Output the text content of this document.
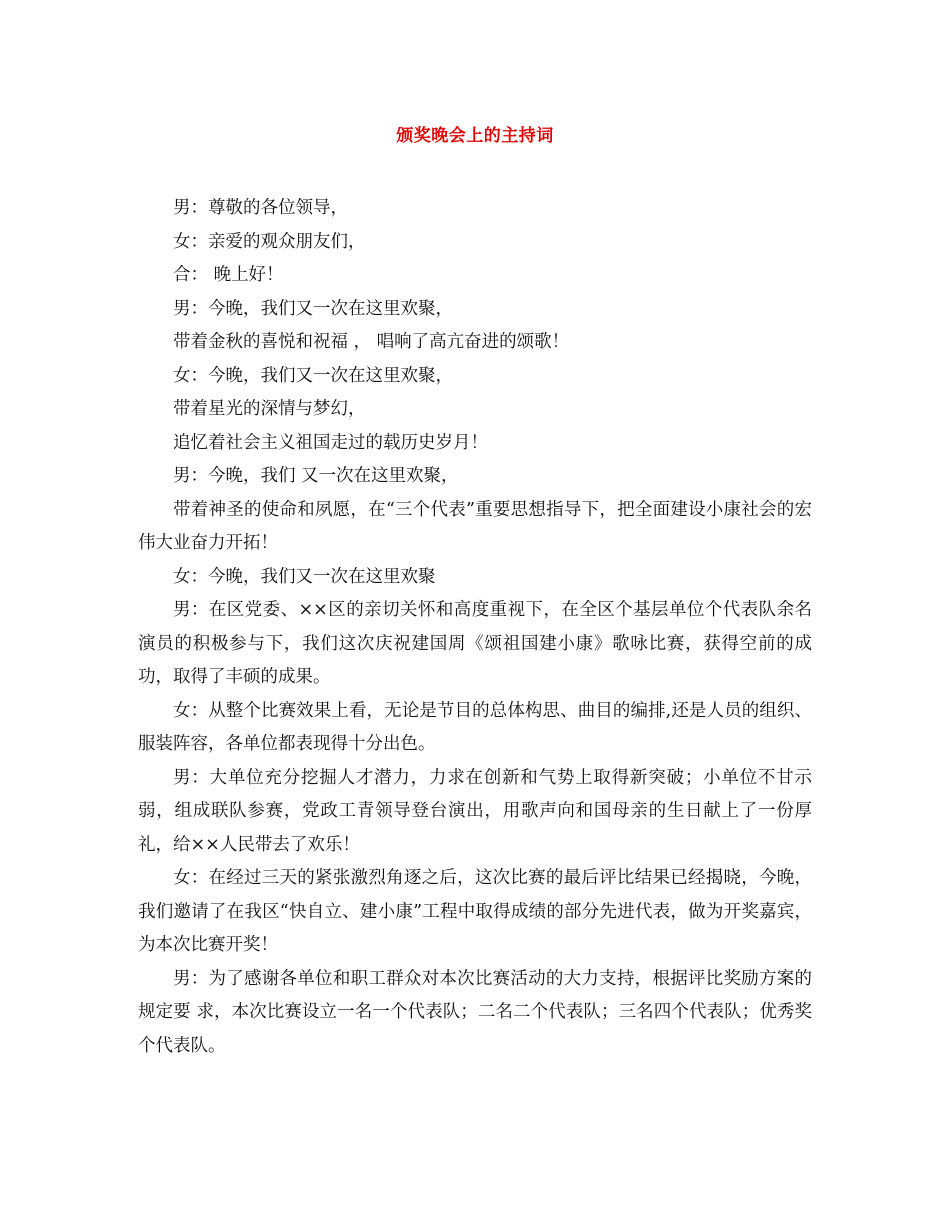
颁奖晚会上的主持词

男：尊敬的各位领导，

女：亲爱的观众朋友们，

合： 晚上好！

男：今晚，我们又一次在这里欢聚，

带着金秋的喜悦和祝福 ， 唱响了高亢奋进的颂歌！

女：今晚，我们又一次在这里欢聚，

带着星光的深情与梦幻，

追忆着社会主义祖国走过的载历史岁月！

男：今晚，我们 又一次在这里欢聚，

带着神圣的使命和夙愿，在“三个代表”重要思想指导下，把全面建设小康社会的宏伟大业奋力开拓！

女：今晚，我们又一次在这里欢聚

男：在区党委、××区的亲切关怀和高度重视下，在全区个基层单位个代表队余名演员的积极参与下，我们这次庆祝建国周《颂祖国建小康》歌咏比赛，获得空前的成功，取得了丰硕的成果。

女：从整个比赛效果上看，无论是节目的总体构思、曲目的编排,还是人员的组织、服装阵容，各单位都表现得十分出色。

男：大单位充分挖掘人才潜力，力求在创新和气势上取得新突破；小单位不甘示弱，组成联队参赛，党政工青领导登台演出，用歌声向和国母亲的生日献上了一份厚礼，给××人民带去了欢乐！

女：在经过三天的紧张激烈角逐之后，这次比赛的最后评比结果已经揭晓，今晚，我们邀请了在我区“快自立、建小康”工程中取得成绩的部分先进代表，做为开奖嘉宾，为本次比赛开奖！

男：为了感谢各单位和职工群众对本次比赛活动的大力支持，根据评比奖励方案的规定要 求，本次比赛设立一名一个代表队；二名二个代表队；三名四个代表队；优秀奖个代表队。
